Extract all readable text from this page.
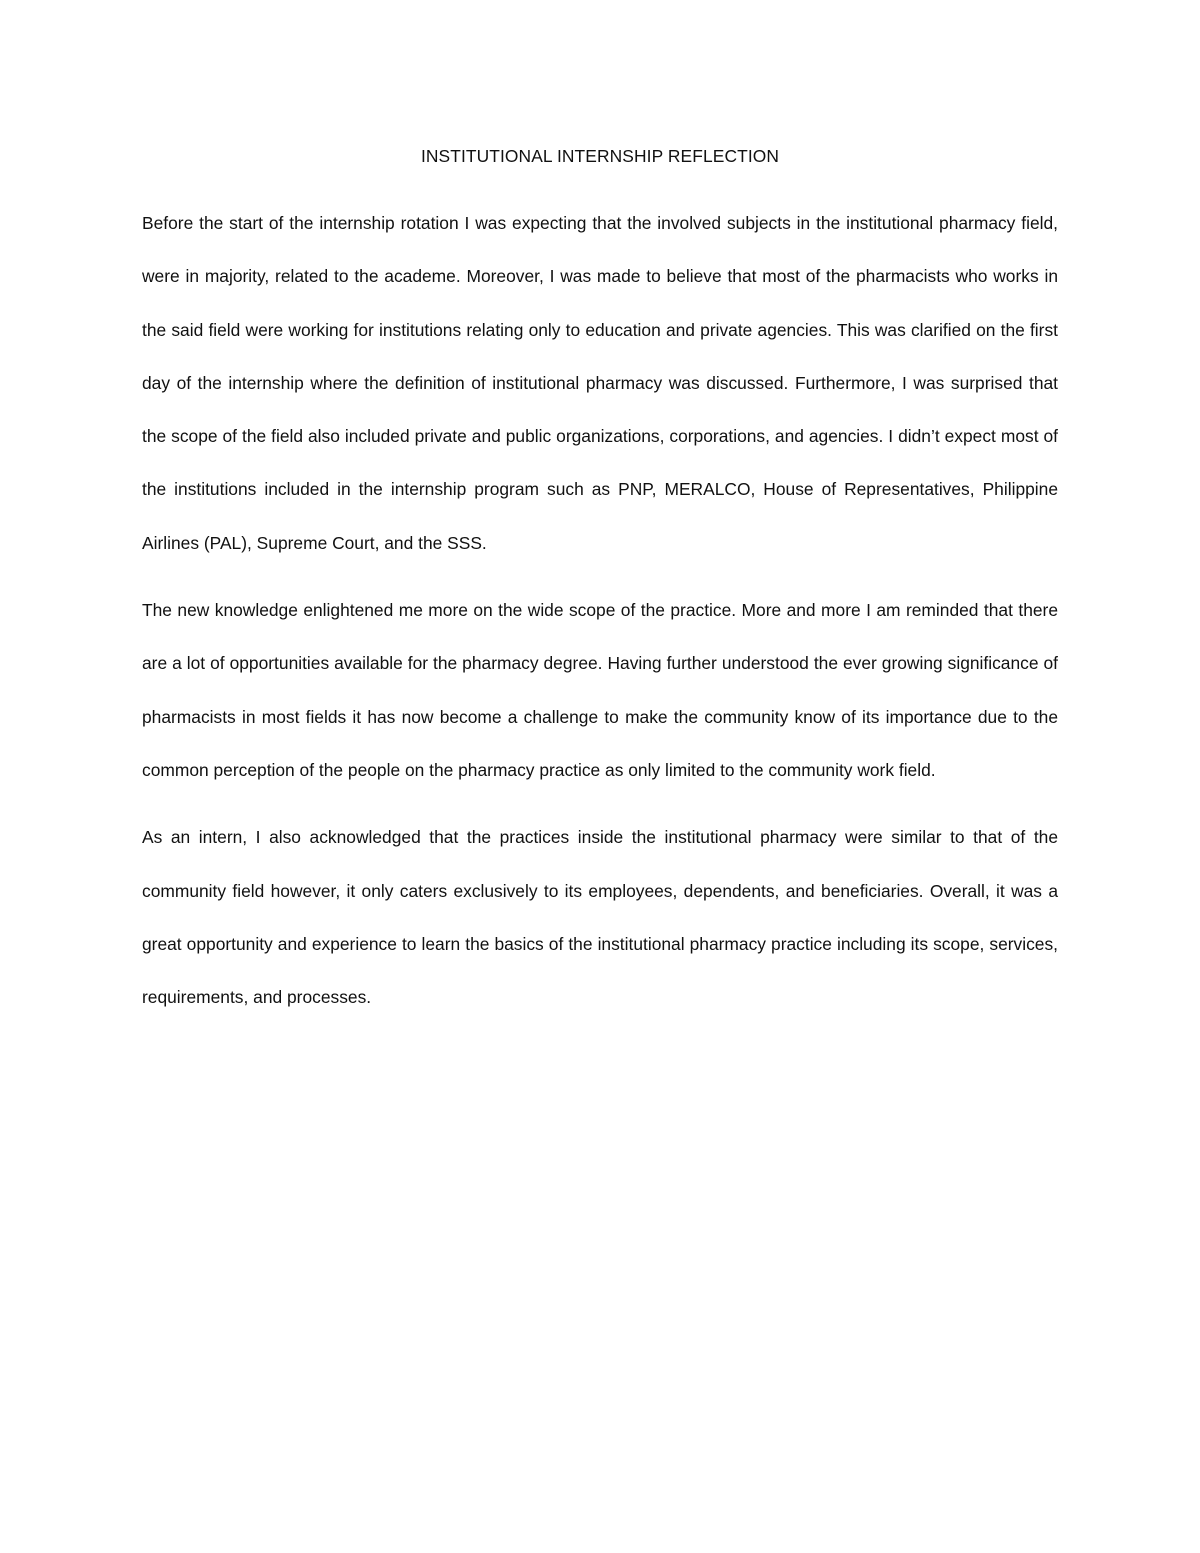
INSTITUTIONAL INTERNSHIP REFLECTION

Before the start of the internship rotation I was expecting that the involved subjects in the institutional pharmacy field, were in majority, related to the academe. Moreover, I was made to believe that most of the pharmacists who works in the said field were working for institutions relating only to education and private agencies. This was clarified on the first day of the internship where the definition of institutional pharmacy was discussed. Furthermore, I was surprised that the scope of the field also included private and public organizations, corporations, and agencies. I didn’t expect most of the institutions included in the internship program such as PNP, MERALCO, House of Representatives, Philippine Airlines (PAL), Supreme Court, and the SSS.

The new knowledge enlightened me more on the wide scope of the practice. More and more I am reminded that there are a lot of opportunities available for the pharmacy degree. Having further understood the ever growing significance of pharmacists in most fields it has now become a challenge to make the community know of its importance due to the common perception of the people on the pharmacy practice as only limited to the community work field.

As an intern, I also acknowledged that the practices inside the institutional pharmacy were similar to that of the community field however, it only caters exclusively to its employees, dependents, and beneficiaries. Overall, it was a great opportunity and experience to learn the basics of the institutional pharmacy practice including its scope, services, requirements, and processes.
